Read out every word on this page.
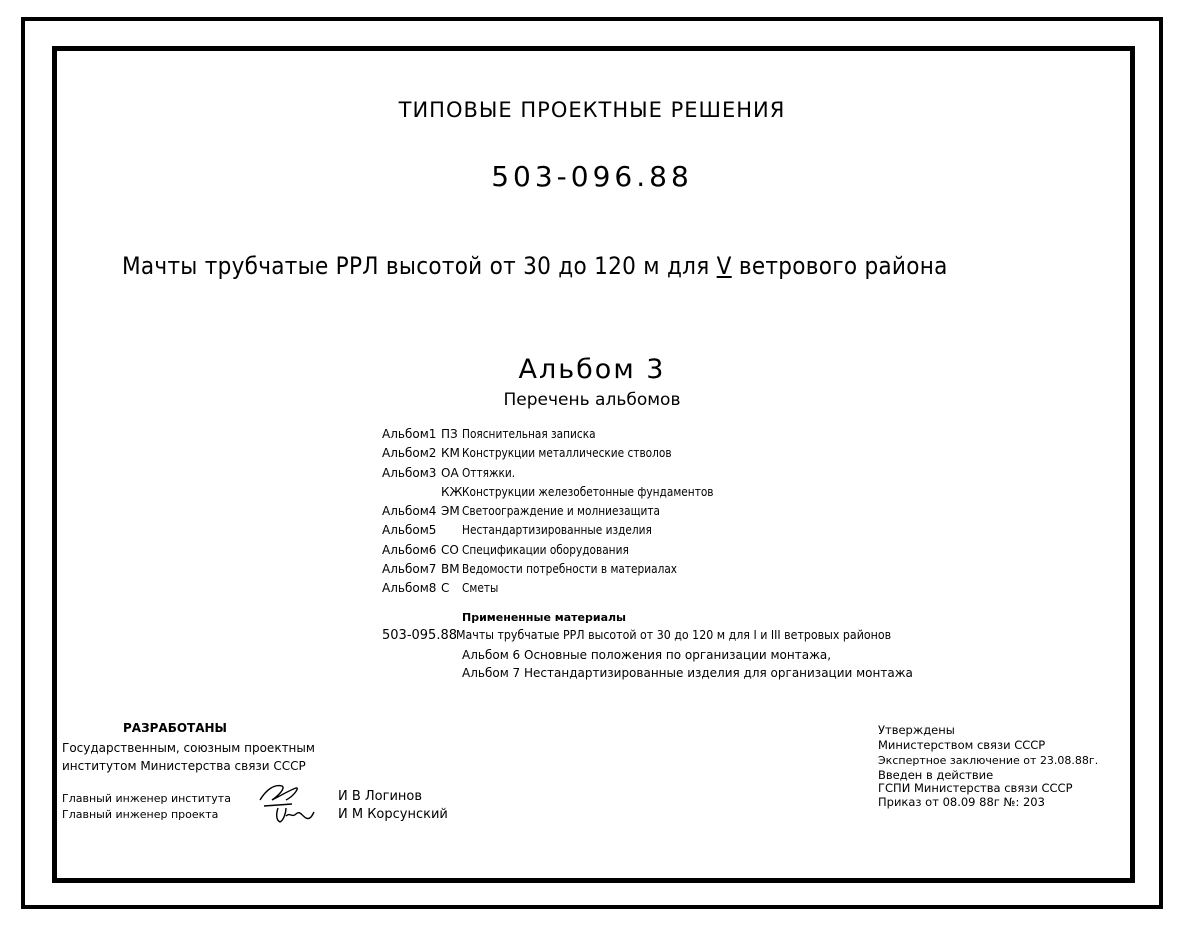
ТИПОВЫЕ ПРОЕКТНЫЕ РЕШЕНИЯ
503-096.88
Мачты трубчатые РРЛ высотой от 30 до 120 м для V ветрового района
Альбом 3
Перечень альбомов
Альбом1 ПЗ Пояснительная записка
Альбом2 КМ Конструкции металлические стволов
Альбом3 ОА Оттяжки.
КЖ Конструкции железобетонные фундаментов
Альбом4 ЭМ Светоограждение и молниезащита
Альбом5	Нестандартизированные изделия
Альбом6 СО Спецификации оборудования
Альбом7 ВМ Ведомости потребности в материалах
Альбом8 С	Сметы
Примененные материалы
503-095.88 Мачты трубчатые РРЛ высотой от 30 до 120 м для I и III ветровых районов
Альбом 6 Основные положения по организации монтажа,
Альбом 7 Нестандартизированные изделия для организации монтажа
РАЗРАБОТАНЫ
Государственным, союзным проектным
институтом Министерства связи СССР
Главный инженер института
Главный инженер проекта
И В Логинов
И М Корсунский
Утверждены
Министерством связи СССР
Экспертное заключение от 23.08.88г.
Введен в действие
ГСПИ Министерства связи СССР
Приказ от 08.09 88г №: 203
